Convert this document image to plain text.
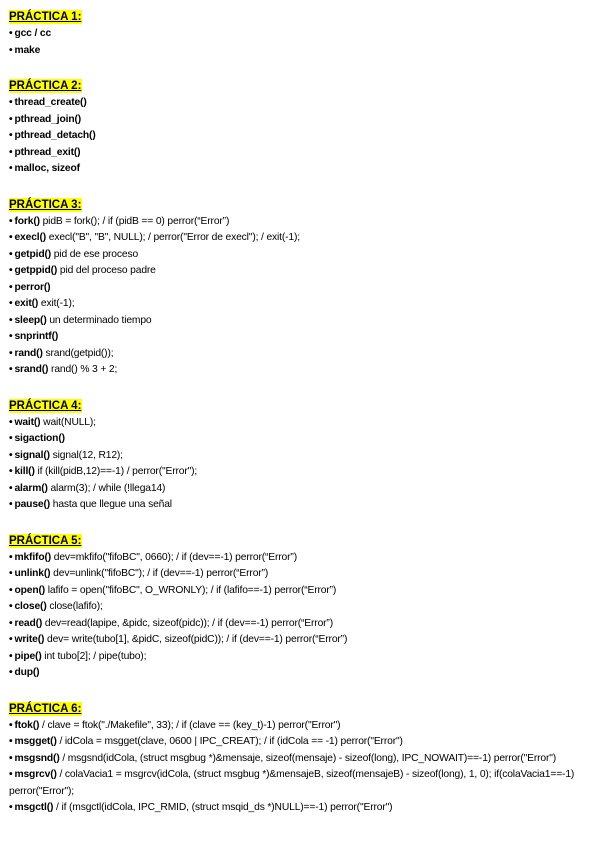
PRÁCTICA 1:
• gcc / cc
• make
PRÁCTICA 2:
• thread_create()
• pthread_join()
• pthread_detach()
• pthread_exit()
• malloc, sizeof
PRÁCTICA 3:
• fork() pidB = fork(); / if (pidB == 0) perror(“Error”)
• execl() execl("B", "B", NULL); / perror("Error de execl"); / exit(-1);
• getpid() pid de ese proceso
• getppid() pid del proceso padre
• perror()
• exit() exit(-1);
• sleep() un determinado tiempo
• snprintf()
• rand() srand(getpid());
• srand() rand() % 3 + 2;
PRÁCTICA 4:
• wait() wait(NULL);
• sigaction()
• signal() signal(12, R12);
• kill() if (kill(pidB,12)==-1) / perror("Error");
• alarm() alarm(3); / while (!llega14)
• pause() hasta que llegue una señal
PRÁCTICA 5:
• mkfifo() dev=mkfifo("fifoBC", 0660); / if (dev==-1) perror(“Error”)
• unlink() dev=unlink("fifoBC"); / if (dev==-1) perror(“Error”)
• open() lafifo = open("fifoBC", O_WRONLY); / if (lafifo==-1) perror(“Error”)
• close() close(lafifo);
• read() dev=read(lapipe, &pidc, sizeof(pidc)); / if (dev==-1) perror(“Error”)
• write() dev= write(tubo[1], &pidC, sizeof(pidC)); / if (dev==-1) perror(“Error”)
• pipe() int tubo[2]; / pipe(tubo);
• dup()
PRÁCTICA 6:
• ftok() / clave = ftok("./Makefile", 33); / if (clave == (key_t)-1) perror("Error")
• msgget() / idCola = msgget(clave, 0600 | IPC_CREAT); / if (idCola == -1) perror("Error")
• msgsnd() / msgsnd(idCola, (struct msgbug *)&mensaje, sizeof(mensaje) - sizeof(long), IPC_NOWAIT)==-1) perror("Error")
• msgrcv() / colaVacia1 = msgrcv(idCola, (struct msgbug *)&mensajeB, sizeof(mensajeB) - sizeof(long), 1, 0); if(colaVacia1==-1) perror("Error");
• msgctl() / if (msgctl(idCola, IPC_RMID, (struct msqid_ds *)NULL)==-1) perror("Error")
